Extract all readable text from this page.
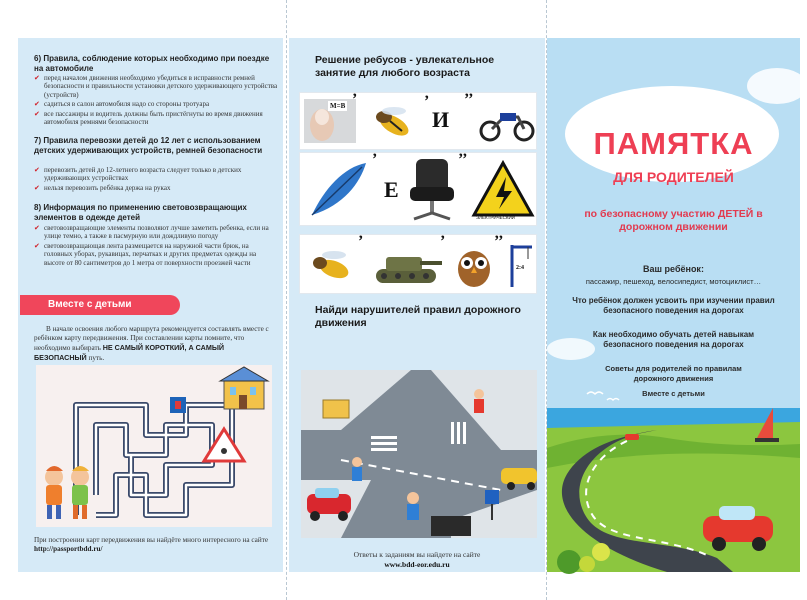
6) Правила, соблюдение которых необходимо при поездке на автомобиле
✔ перед началом движения необходимо убедиться в исправности ремней безопасности и правильности установки детского удерживающего устройства (устройств)
✔ садиться в салон автомобиля надо со стороны тротуара
✔ все пассажиры и водитель должны быть пристёгнуты во время движения автомобиля ремнями безопасности
7) Правила перевозки детей до 12 лет с использованием детских удерживающих устройств, ремней безопасности
✔ перевозить детей до 12-летнего возраста следует только в детских удерживающих устройствах
✔ нельзя перевозить ребёнка держа на руках
8) Информация по применению световозвращающих элементов в одежде детей
✔ световозвращающие элементы позволяют лучше заметить ребенка, если на улице темно, а также в пасмурную или дождливую погоду
✔ световозвращающая лента размещается на наружной части брюк, на головных уборах, рукавицах, перчатках и других предметах одежды на высоте от 80 сантиметров до 1 метра от поверхности проезжей части
Вместе с детьми
В начале освоения любого маршрута рекомендуется составлять вместе с ребёнком карту передвижения. При составлении карты помните, что необходимо выбирать НЕ САМЫЙ КОРОТКИЙ, А САМЫЙ БЕЗОПАСНЫЙ путь.
При построении карт передвижения вы найдёте много интересного на сайте http://passportbdd.ru/
Решение ребусов - увлекательное занятие для любого возраста
М=В ’	’
И
’’
’
Е
’’
ЭЛЕКТРИЧЕСКИЙ
’	’	’’
2:4
Найди нарушителей правил дорожного движения
Ответы к заданиям вы найдете на сайте
www.bdd-eor.edu.ru
ПАМЯТКА
ДЛЯ РОДИТЕЛЕЙ
по безопасному участию ДЕТЕЙ в дорожном движении
Ваш ребёнок:
пассажир, пешеход, велосипедист, мотоциклист…
Что ребёнок должен усвоить при изучении правил безопасного поведения на дорогах
Как необходимо обучать детей навыкам безопасного поведения на дорогах
Советы для родителей по правилам дорожного движения
Вместе с детьми
#БезопаснаяДорогаДетям
